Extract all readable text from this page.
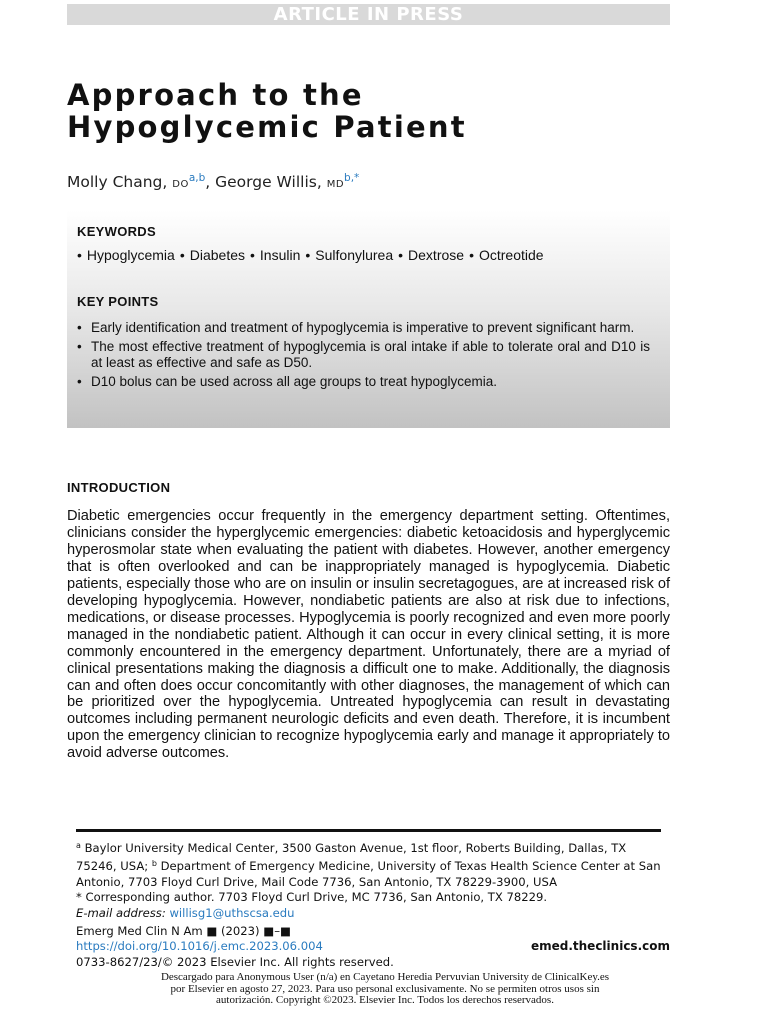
ARTICLE IN PRESS
Approach to the
Hypoglycemic Patient
Molly Chang, DO$^{a,b}$, George Willis, $MD^{b,*}$
KEYWORDS
• Hypoglycemia • Diabetes • Insulin • Sulfonylurea • Dextrose • Octreotide
KEY POINTS
• Early identification and treatment of hypoglycemia is imperative to prevent significant harm.
• The most effective treatment of hypoglycemia is oral intake if able to tolerate oral and D10 is at least as effective and safe as D50.
• D10 bolus can be used across all age groups to treat hypoglycemia.
INTRODUCTION

Diabetic emergencies occur frequently in the emergency department setting. Oftentimes, clinicians consider the hyperglycemic emergencies: diabetic ketoacidosis and hyperglycemic hyperosmolar state when evaluating the patient with diabetes. However, another emergency that is often overlooked and can be inappropriately managed is hypoglycemia. Diabetic patients, especially those who are on insulin or insulin secretagogues, are at increased risk of developing hypoglycemia. However, nondiabetic patients are also at risk due to infections, medications, or disease processes. Hypoglycemia is poorly recognized and even more poorly managed in the nondiabetic patient. Although it can occur in every clinical setting, it is more commonly encountered in the emergency department. Unfortunately, there are a myriad of clinical presentations making the diagnosis a difficult one to make. Additionally, the diagnosis can and often does occur concomitantly with other diagnoses, the management of which can be prioritized over the hypoglycemia. Untreated hypoglycemia can result in devastating outcomes including permanent neurologic deficits and even death. Therefore, it is incumbent upon the emergency clinician to recognize hypoglycemia early and manage it appropriately to avoid adverse outcomes.

$^a$ Baylor University Medical Center, 3500 Gaston Avenue, 1st floor, Roberts Building, Dallas, TX 75246, USA; $^b$ Department of Emergency Medicine, University of Texas Health Science Center at San Antonio, 7703 Floyd Curl Drive, Mail Code 7736, San Antonio, TX 78229-3900, USA
* Corresponding author. 7703 Floyd Curl Drive, MC 7736, San Antonio, TX 78229.
E-mail address: willisg1@uthscsa.edu
Emerg Med Clin N Am ■ (2023) ■–■
https://doi.org/10.1016/j.emc.2023.06.004
0733-8627/23/© 2023 Elsevier Inc. All rights reserved.
emed.theclinics.com
Descargado para Anonymous User (n/a) en Cayetano Heredia Pervuvian University de ClinicalKey.es por Elsevier en agosto 27, 2023. Para uso personal exclusivamente. No se permiten otros usos sin autorización. Copyright ©2023. Elsevier Inc. Todos los derechos reservados.
